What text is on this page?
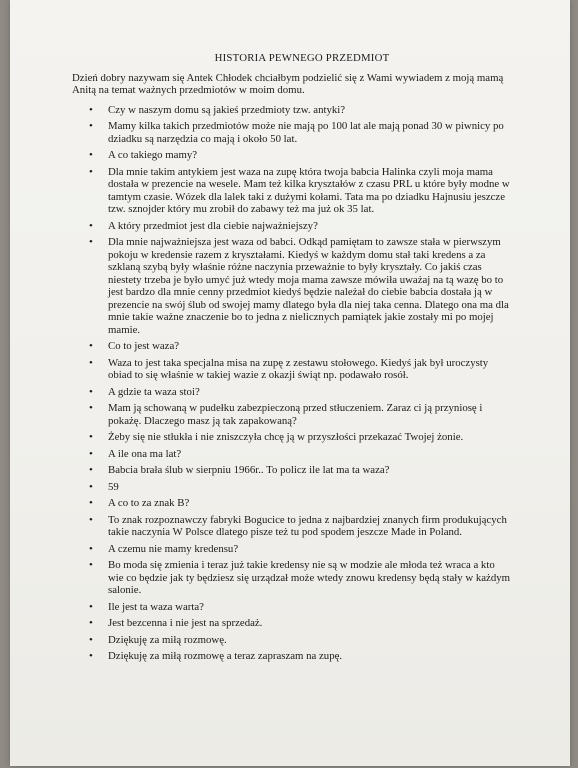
HISTORIA PEWNEGO PRZEDMIOT
Dzień dobry nazywam się Antek Chłodek chciałbym podzielić się z Wami wywiadem z moją mamą Anitą na temat ważnych przedmiotów w moim domu.
• Czy w naszym domu są jakieś przedmioty tzw. antyki?
• Mamy kilka takich przedmiotów może nie mają po 100 lat ale mają ponad 30 w piwnicy po dziadku są narzędzia co mają i około 50 lat.
• A co takiego mamy?
• Dla mnie takim antykiem jest waza na zupę która twoja babcia Halinka czyli moja mama dostała w prezencie na wesele. Mam też kilka kryształów z czasu PRL u które były modne w tamtym czasie. Wózek dla lalek taki z dużymi kołami. Tata ma po dziadku Hajnusiu jeszcze tzw. sznojder który mu zrobił do zabawy też ma już ok 35 lat.
• A który przedmiot jest dla ciebie najważniejszy?
• Dla mnie najważniejsza jest waza od babci. Odkąd pamiętam to zawsze stała w pierwszym pokoju w kredensie razem z kryształami. Kiedyś w każdym domu stał taki kredens a za szklaną szybą były właśnie różne naczynia przeważnie to były kryształy. Co jakiś czas niestety trzeba je było umyć już wtedy moja mama zawsze mówiła uważaj na tą wazę bo to jest bardzo dla mnie cenny przedmiot kiedyś będzie należał do ciebie babcia dostała ją w prezencie na swój ślub od swojej mamy dlatego była dla niej taka cenna. Dlatego ona ma dla mnie takie ważne znaczenie bo to jedna z nielicznych pamiątek jakie zostały mi po mojej mamie.
• Co to jest waza?
• Waza to jest taka specjalna misa na zupę z zestawu stołowego. Kiedyś jak był uroczysty obiad to się właśnie w takiej wazie z okazji świąt np. podawało rosół.
• A gdzie ta waza stoi?
• Mam ją schowaną w pudełku zabezpieczoną przed stłuczeniem. Zaraz ci ją przyniosę i pokażę. Dlaczego masz ją tak zapakowaną?
• Żeby się nie stłukła i nie zniszczyła chcę ją w przyszłości przekazać Twojej żonie.
• A ile ona ma lat?
• Babcia brała ślub w sierpniu 1966r.. To policz ile lat ma ta waza?
• 59
• A co to za znak B?
• To znak rozpoznawczy fabryki Bogucice to jedna z najbardziej znanych firm produkujących takie naczynia W Polsce dlatego pisze też tu pod spodem jeszcze Made in Poland.
• A czemu nie mamy kredensu?
• Bo moda się zmienia i teraz już takie kredensy nie są w modzie ale młoda też wraca a kto wie co będzie jak ty będziesz się urządzał może wtedy znowu kredensy będą stały w każdym salonie.
• Ile jest ta waza warta?
• Jest bezcenna i nie jest na sprzedaż.
• Dziękuję za miłą rozmowę.
• Dziękuję za miłą rozmowę a teraz zapraszam na zupę.
